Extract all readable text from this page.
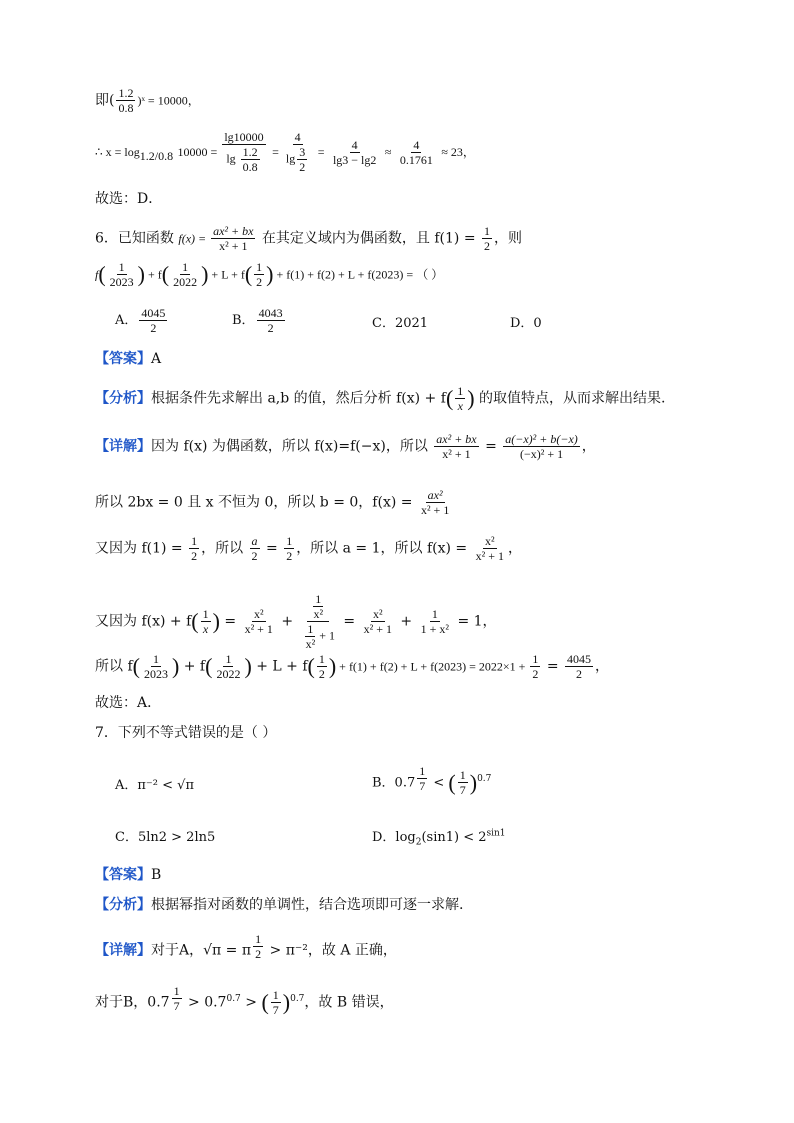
即( $\frac{1.2}{0.8}$ )ˣ = 10000，
∴ $x = \log_{1.2/0.8} 10000 = \frac{\lg 10000}{\lg \frac{1.2}{0.8}} = \frac{4}{\lg \frac{3}{2}} = \frac{4}{\lg 3 - \lg 2} \approx \frac{4}{0.1761} \approx 23$，
故选：D．
6．已知函数 $f(x) = \frac{\text{ax² + bx}}{\text{x² + 1}}$ 在其定义域内为偶函数，且 $f(1) = \frac{1}{2}$ ，则
$f( \frac{1}{2023}$ ) + $f( \frac{1}{2022}$ ) + $L + f( \frac{1}{2}$ ) + f(1) + f(2) + L + f(2023) = （ ）
A． $\frac{4045}{2}$	B． $\frac{4043}{2}$	C．2021	D．0
【答案】A
【分析】根据条件先求解出 a,b 的值，然后分析 $f(x) + f( \frac{1}{x}$ ) 的取值特点，从而求解出结果.
【详解】因为 f(x) 为偶函数，所以 f(x)=f(−x)，所以 $\frac{\text{ax² + bx}}{\text{x² + 1}} = \frac{\text{a(−x)² + b(−x)}}{\text{(−x)² + 1}}$ ，
所以 2bx = 0 且 x 不恒为 0，所以 b = 0，$f(x) = \frac{\text{ax²}}{\text{x² + 1}}$
又因为 $f(1) = \frac{1}{2}$ ，所以 $\frac{a}{2} = \frac{1}{2}$ ，所以 a = 1，所以 $f(x) = \frac{\text{x²}}{\text{x² + 1}}$ ，
又因为 $f(x) + f( \frac{1}{x}$ ) = $\frac{\text{x²}}{\text{x² + 1}} + \frac{\frac{1}{\text{x²}}}{\frac{1}{\text{x²}} + 1} = \frac{\text{x²}}{\text{x² + 1}} + \frac{1}{\text{1 + x²}} = 1$，
所以 $f( \frac{1}{2023}$ ) + $f( \frac{1}{2022}$ ) + $L + f( \frac{1}{2}$ ) + $f(1) + f(2) + L + f(2023) = 2022\times 1 + \frac{1}{2} = \frac{4045}{2}$ ，
故选：A．
7．下列不等式错误的是（ ）
A．π⁻² < √π	B．0.7 $^{\frac{1}{7}}$ < ( $\frac{1}{7} )^{0.7}$
C．5ln2 > 2ln5	D．$\log_2(\sin 1) < 2^{sin1}$
【答案】B
【分析】根据幂指对函数的单调性，结合选项即可逐一求解.
【详解】对于A，√π = π $^{\frac{1}{2}}$ > π⁻²，故 A 正确，
对于B，0.7 $^{\frac{1}{7}} > 0.7^{0.7}$ > ( $\frac{1}{7} )^{0.7}$，故 B 错误，
